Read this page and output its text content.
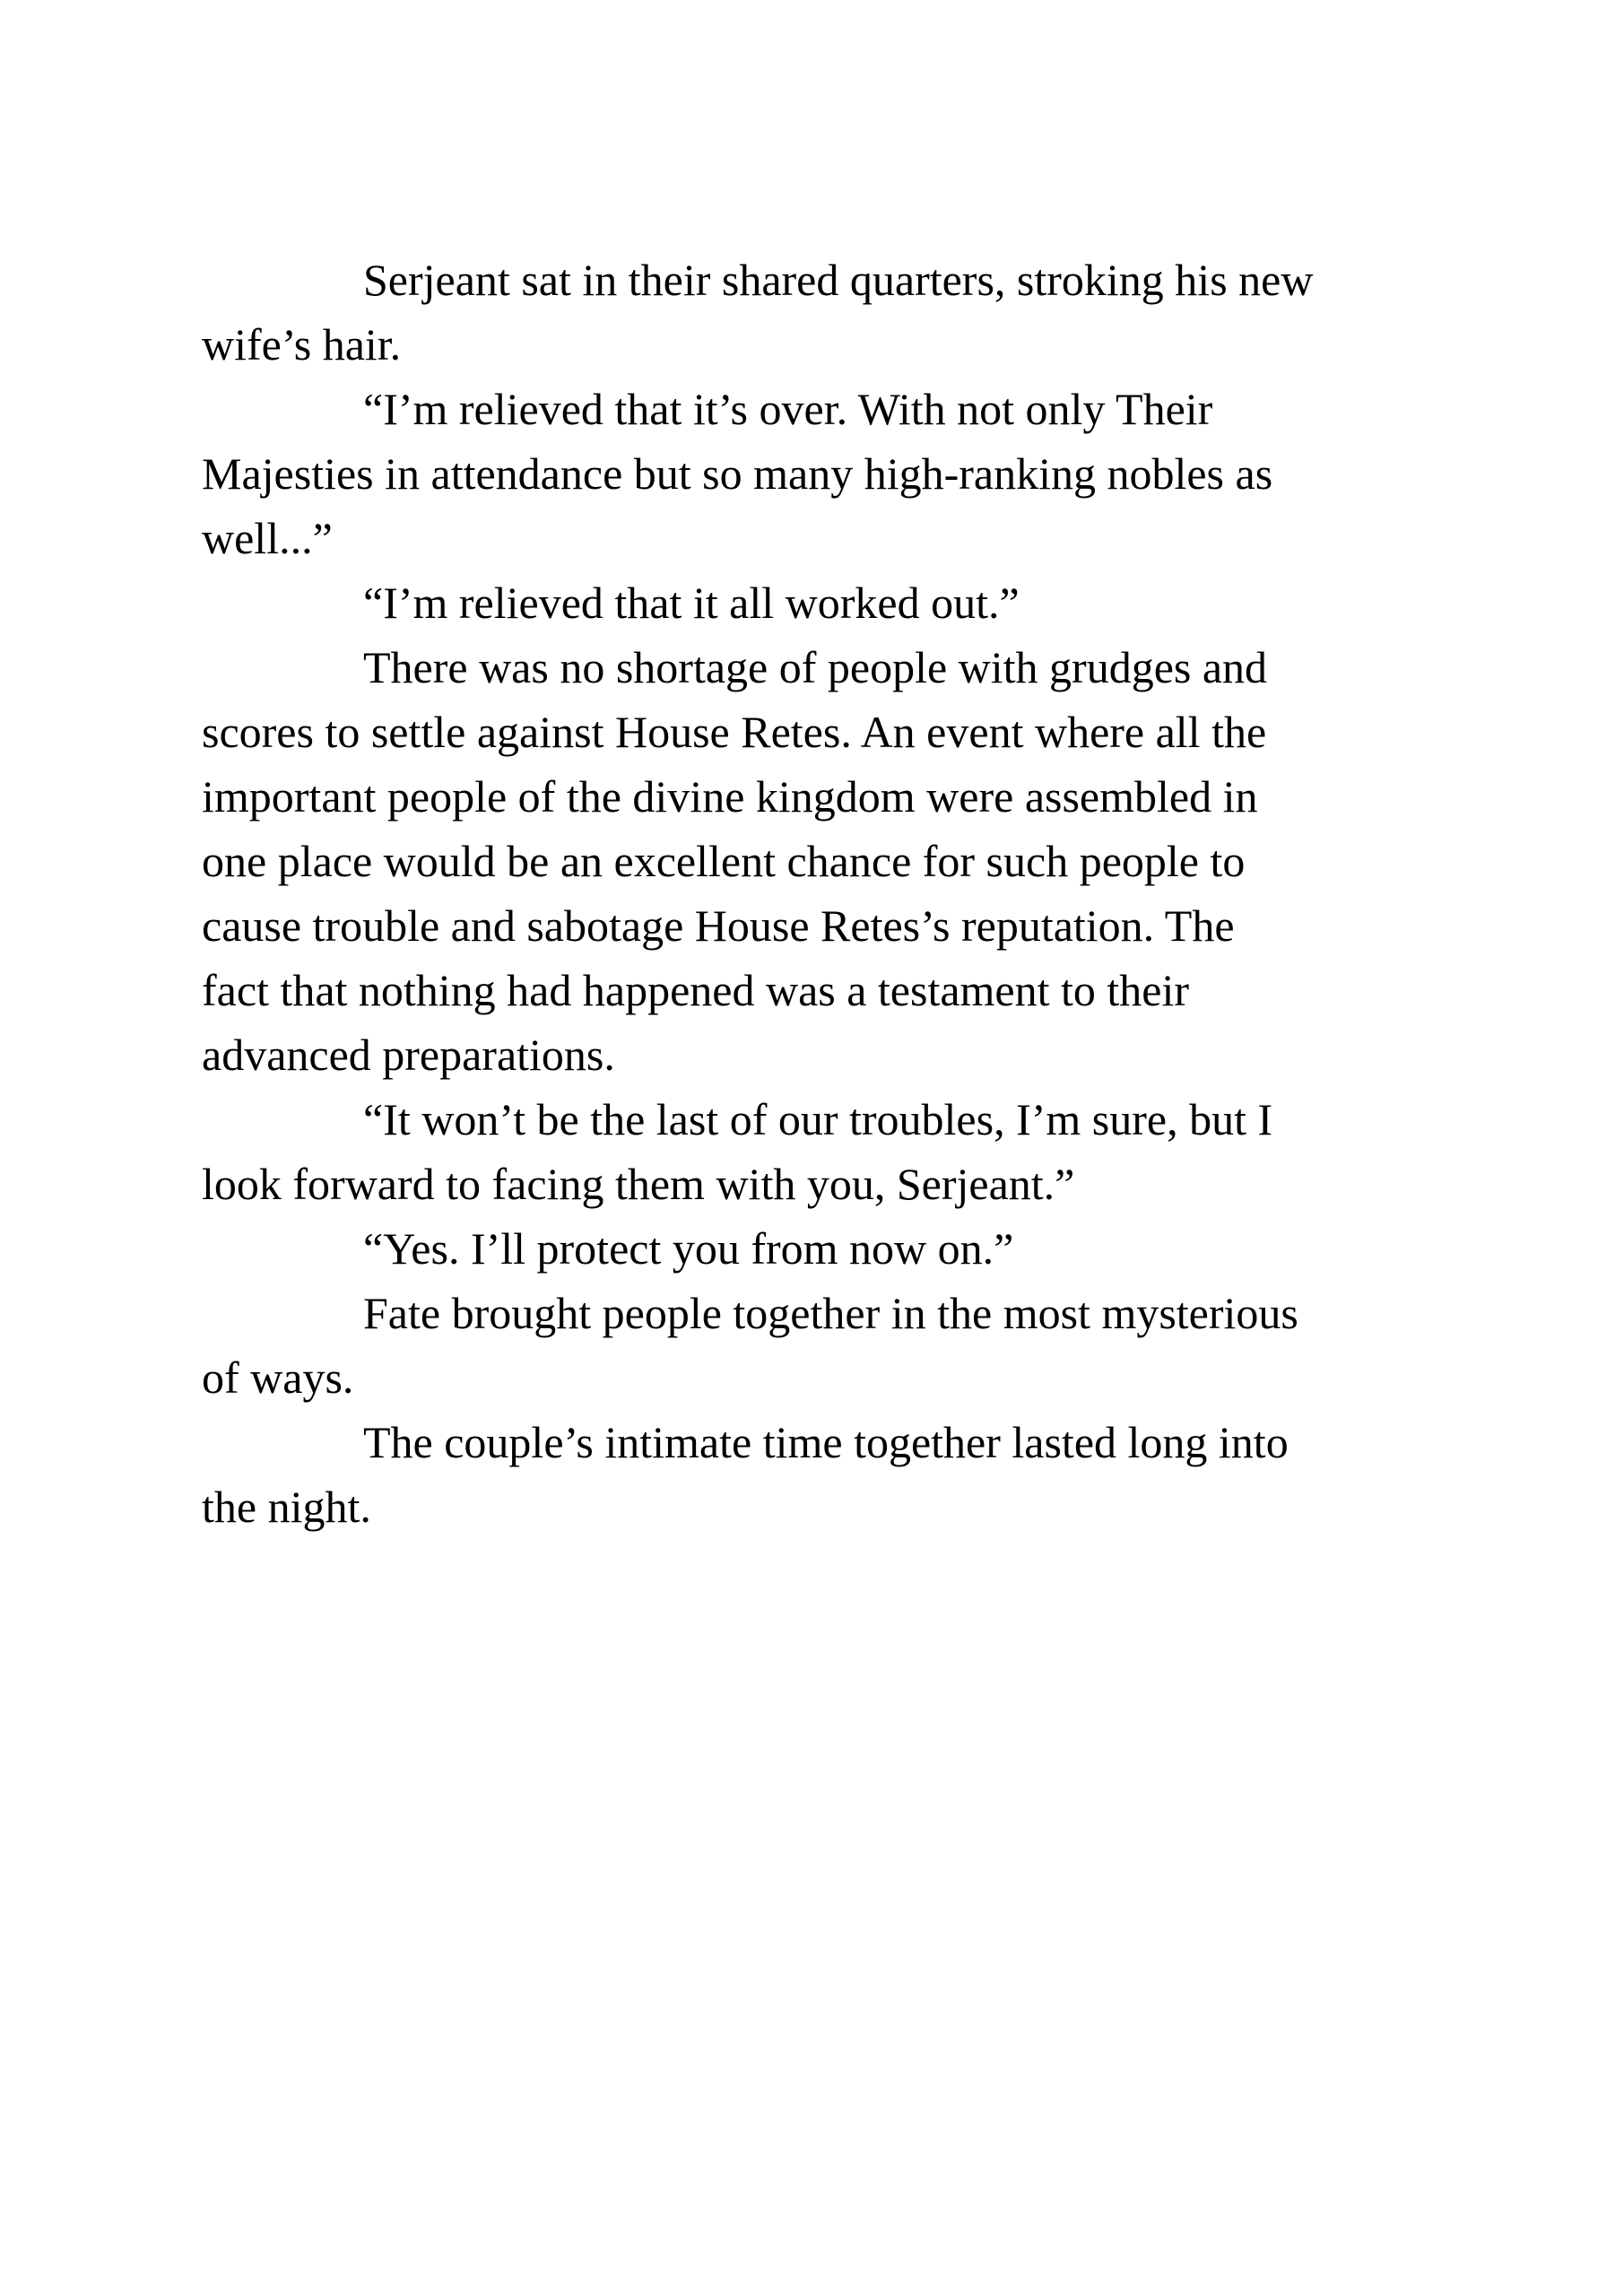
Serjeant sat in their shared quarters, stroking his new
wife’s hair.
“I’m relieved that it’s over. With not only Their
Majesties in attendance but so many high-ranking nobles as
well...”
“I’m relieved that it all worked out.”
There was no shortage of people with grudges and
scores to settle against House Retes. An event where all the
important people of the divine kingdom were assembled in
one place would be an excellent chance for such people to
cause trouble and sabotage House Retes’s reputation. The
fact that nothing had happened was a testament to their
advanced preparations.
“It won’t be the last of our troubles, I’m sure, but I
look forward to facing them with you, Serjeant.”
“Yes. I’ll protect you from now on.”
Fate brought people together in the most mysterious
of ways.
The couple’s intimate time together lasted long into
the night.
